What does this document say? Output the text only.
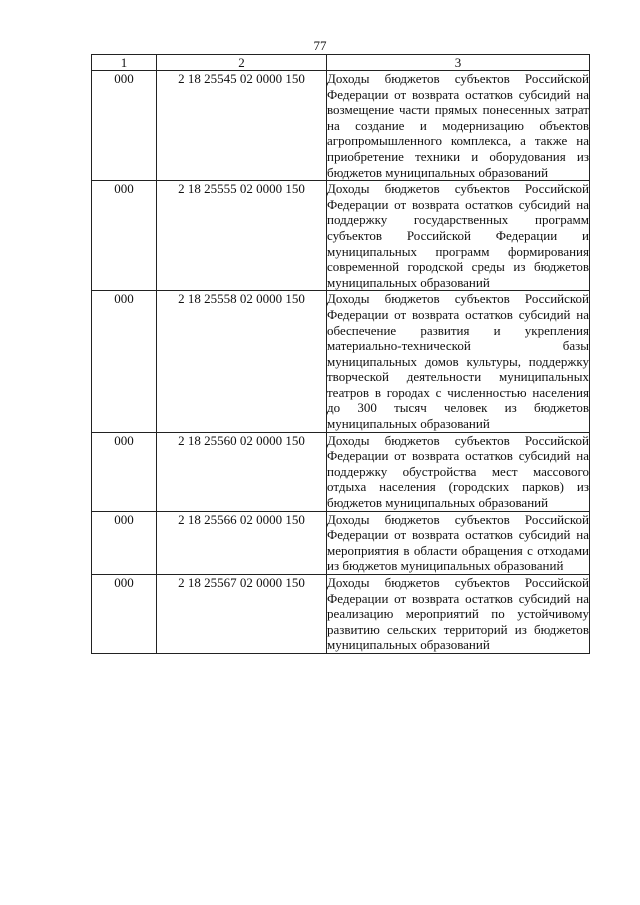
77
1	2	3
000	2 18 25545 02 0000 150	Доходы бюджетов субъектов Российской Федерации от возврата остатков субсидий на возмещение части прямых понесенных затрат на создание и модернизацию объектов агропромышленного комплекса, а также на приобретение техники и оборудования из бюджетов муниципальных образований
000	2 18 25555 02 0000 150	Доходы бюджетов субъектов Российской Федерации от возврата остатков субсидий на поддержку государственных программ субъектов Российской Федерации и муниципальных программ формирования современной городской среды из бюджетов муниципальных образований
000	2 18 25558 02 0000 150	Доходы бюджетов субъектов Российской Федерации от возврата остатков субсидий на обеспечение развития и укрепления материально-технической базы муниципальных домов культуры, поддержку творческой деятельности муниципальных театров в городах с численностью населения до 300 тысяч человек из бюджетов муниципальных образований
000	2 18 25560 02 0000 150	Доходы бюджетов субъектов Российской Федерации от возврата остатков субсидий на поддержку обустройства мест массового отдыха населения (городских парков) из бюджетов муниципальных образований
000	2 18 25566 02 0000 150	Доходы бюджетов субъектов Российской Федерации от возврата остатков субсидий на мероприятия в области обращения с отходами из бюджетов муниципальных образований
000	2 18 25567 02 0000 150	Доходы бюджетов субъектов Российской Федерации от возврата остатков субсидий на реализацию мероприятий по устойчивому развитию сельских территорий из бюджетов муниципальных образований
